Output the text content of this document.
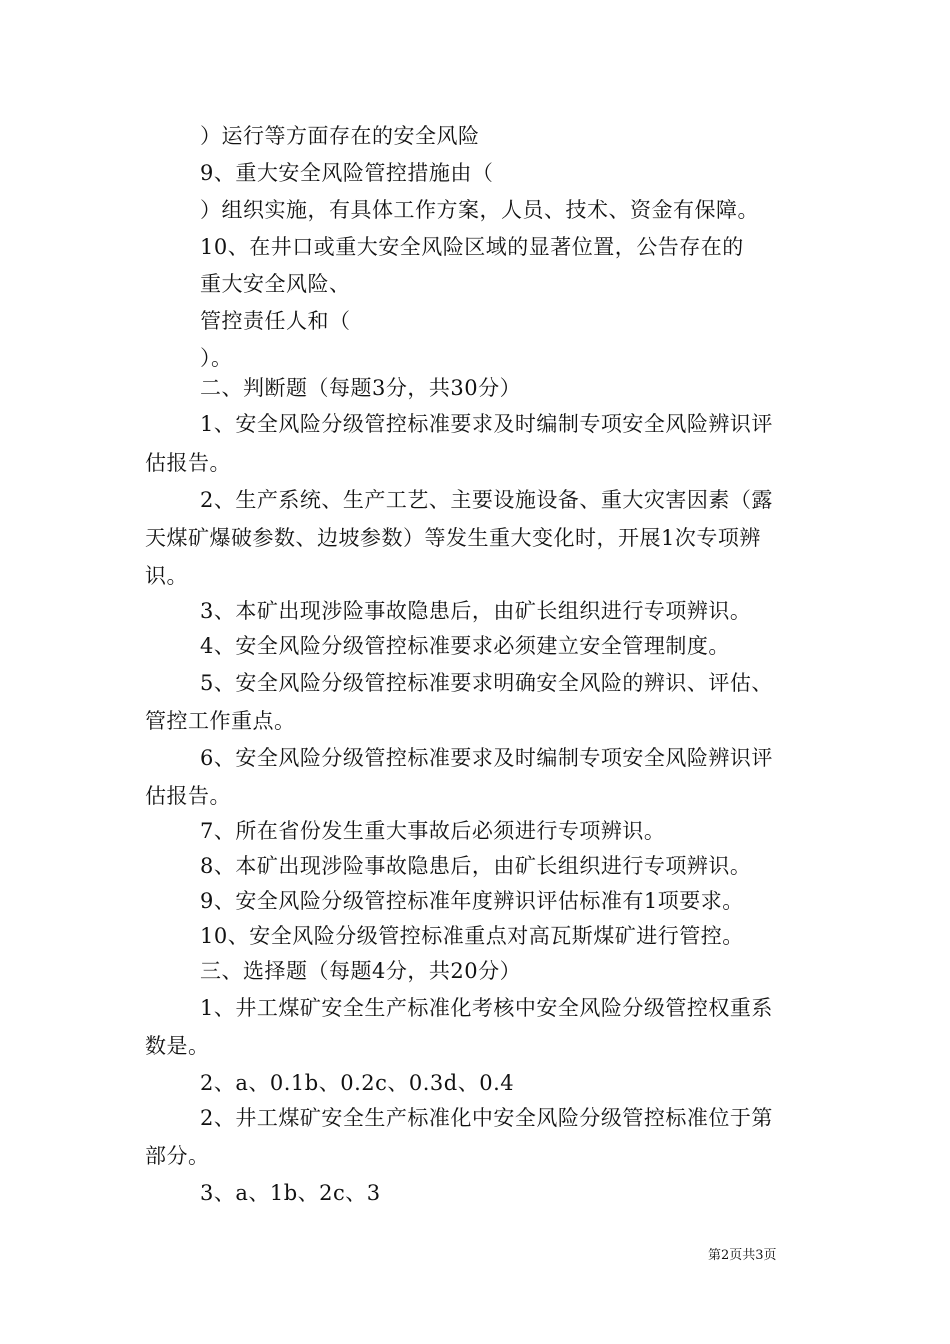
）运行等方面存在的安全风险
9、重大安全风险管控措施由（
）组织实施，有具体工作方案，人员、技术、资金有保障。
10、在井口或重大安全风险区域的显著位置，公告存在的
重大安全风险、
管控责任人和（
）。
二、判断题（每题3分，共30分）
1、安全风险分级管控标准要求及时编制专项安全风险辨识评
估报告。
2、生产系统、生产工艺、主要设施设备、重大灾害因素（露
天煤矿爆破参数、边坡参数）等发生重大变化时，开展1次专项辨
识。
3、本矿出现涉险事故隐患后，由矿长组织进行专项辨识。
4、安全风险分级管控标准要求必须建立安全管理制度。
5、安全风险分级管控标准要求明确安全风险的辨识、评估、
管控工作重点。
6、安全风险分级管控标准要求及时编制专项安全风险辨识评
估报告。
7、所在省份发生重大事故后必须进行专项辨识。
8、本矿出现涉险事故隐患后，由矿长组织进行专项辨识。
9、安全风险分级管控标准年度辨识评估标准有1项要求。
10、安全风险分级管控标准重点对高瓦斯煤矿进行管控。
三、选择题（每题4分，共20分）
1、井工煤矿安全生产标准化考核中安全风险分级管控权重系
数是。
2、a、0.1b、0.2c、0.3d、0.4
2、井工煤矿安全生产标准化中安全风险分级管控标准位于第
部分。
3、a、1b、2c、3
第2页共3页
